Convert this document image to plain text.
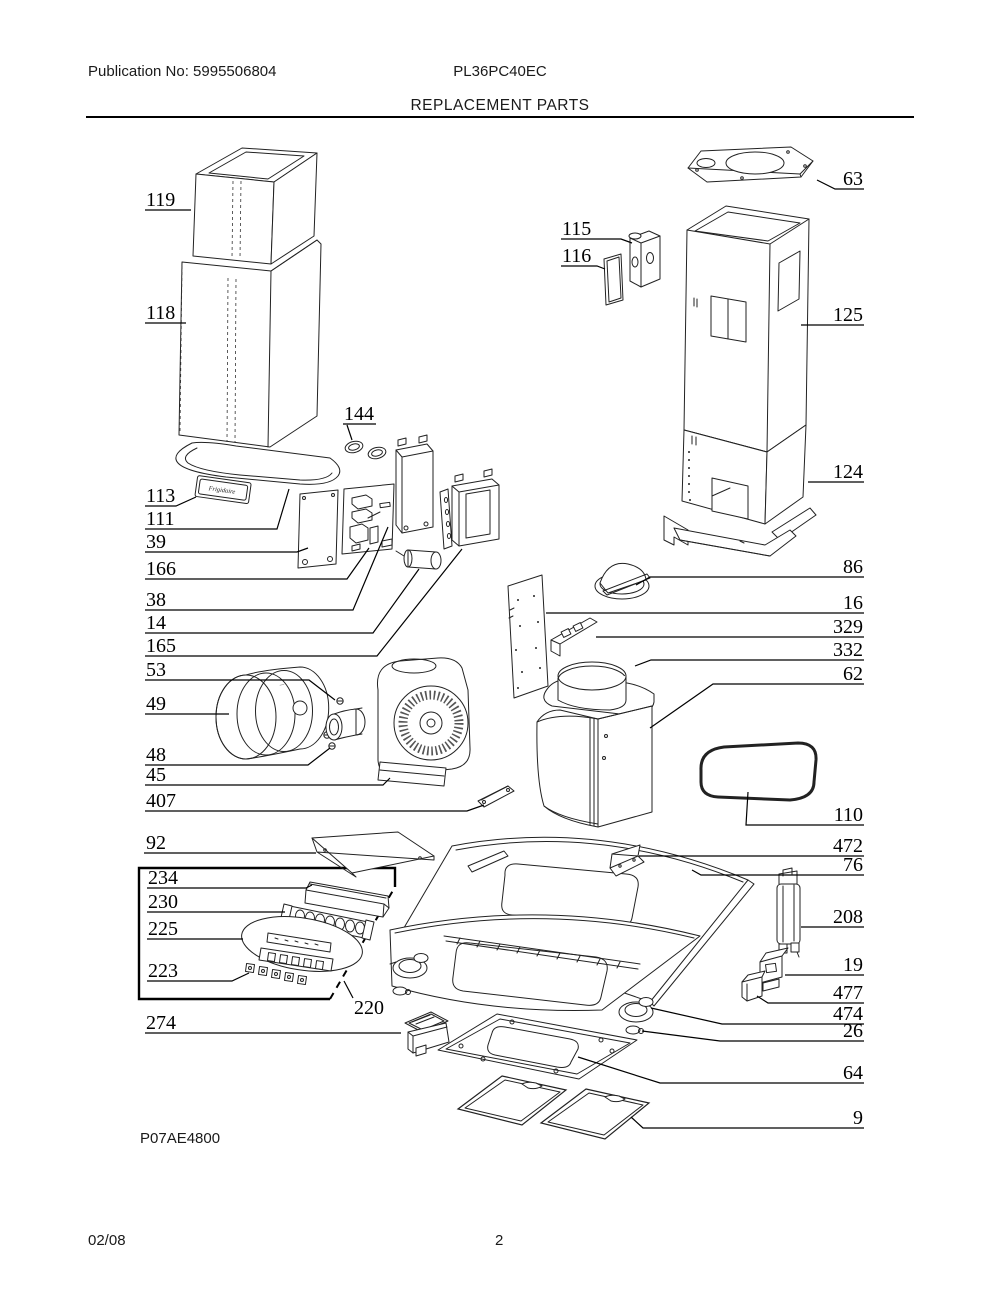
Publication No: 5995506804	PL36PC40EC
REPLACEMENT PARTS
Frigidaire
119
118
113
111
39
166
38
14
165
53
49
48
45
407
92
234
230
225
223
274
144
220
115
116
63
125
124
86
16
329
332
62
110
472
76
208
19
477
474
26
64
9
P07AE4800
02/08	2
